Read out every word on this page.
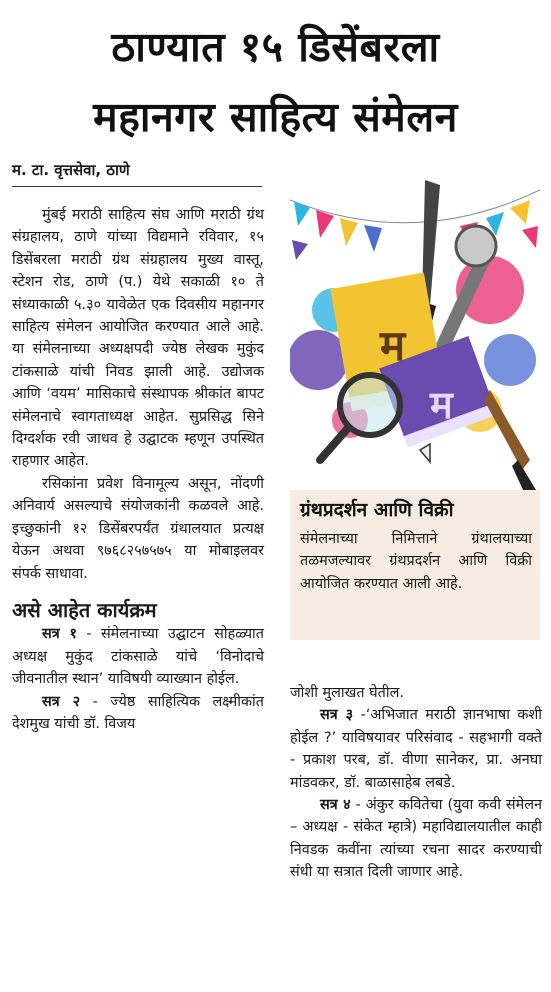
ठाण्यात १५ डिसेंबरला
महानगर साहित्य संमेलन
म. टा. वृत्तसेवा, ठाणे

मुंबई मराठी साहित्य संघ आणि मराठी ग्रंथ संग्रहालय, ठाणे यांच्या विद्यमाने रविवार, १५ डिसेंबरला मराठी ग्रंथ संग्रहालय मुख्य वास्तू, स्टेशन रोड, ठाणे (प.) येथे सकाळी १० ते संध्याकाळी ५.३० यावेळेत एक दिवसीय महानगर साहित्य संमेलन आयोजित करण्यात आले आहे. या संमेलनाच्या अध्यक्षपदी ज्येष्ठ लेखक मुकुंद टांकसाळे यांची निवड झाली आहे. उद्योजक आणि ‘वयम’ मासिकाचे संस्थापक श्रीकांत बापट संमेलनाचे स्वागताध्यक्ष आहेत. सुप्रसिद्ध सिने दिग्दर्शक रवी जाधव हे उद्घाटक म्हणून उपस्थित राहणार आहेत.

रसिकांना प्रवेश विनामूल्य असून, नोंदणी अनिवार्य असल्याचे संयोजकांनी कळवले आहे. इच्छुकांनी १२ डिसेंबरपर्यंत ग्रंथालयात प्रत्यक्ष येऊन अथवा ९७६८२५७५७५ या मोबाइलवर संपर्क साधावा.

असे आहेत कार्यक्रम

सत्र १ - संमेलनाच्या उद्घाटन सोहळ्यात अध्यक्ष मुकुंद टांकसाळे यांचे ‘विनोदाचे जीवनातील स्थान’ याविषयी व्याख्यान होईल.

सत्र २ - ज्येष्ठ साहित्यिक लक्ष्मीकांत देशमुख यांची डॉ. विजय

म
म
ग्रंथप्रदर्शन आणि विक्री
संमेलनाच्या निमित्ताने ग्रंथालयाच्या तळमजल्यावर ग्रंथप्रदर्शन आणि विक्री आयोजित करण्यात आली आहे.

जोशी मुलाखत घेतील.

सत्र ३ -‘अभिजात मराठी ज्ञानभाषा कशी होईल ?’ याविषयावर परिसंवाद - सहभागी वक्ते - प्रकाश परब, डॉ. वीणा सानेकर, प्रा. अनघा मांडवकर, डॉ. बाळासाहेब लबडे.

सत्र ४ - अंकुर कवितेचा (युवा कवी संमेलन – अध्यक्ष - संकेत म्हात्रे) महाविद्यालयातील काही निवडक कवींना त्यांच्या रचना सादर करण्याची संधी या सत्रात दिली जाणार आहे.
